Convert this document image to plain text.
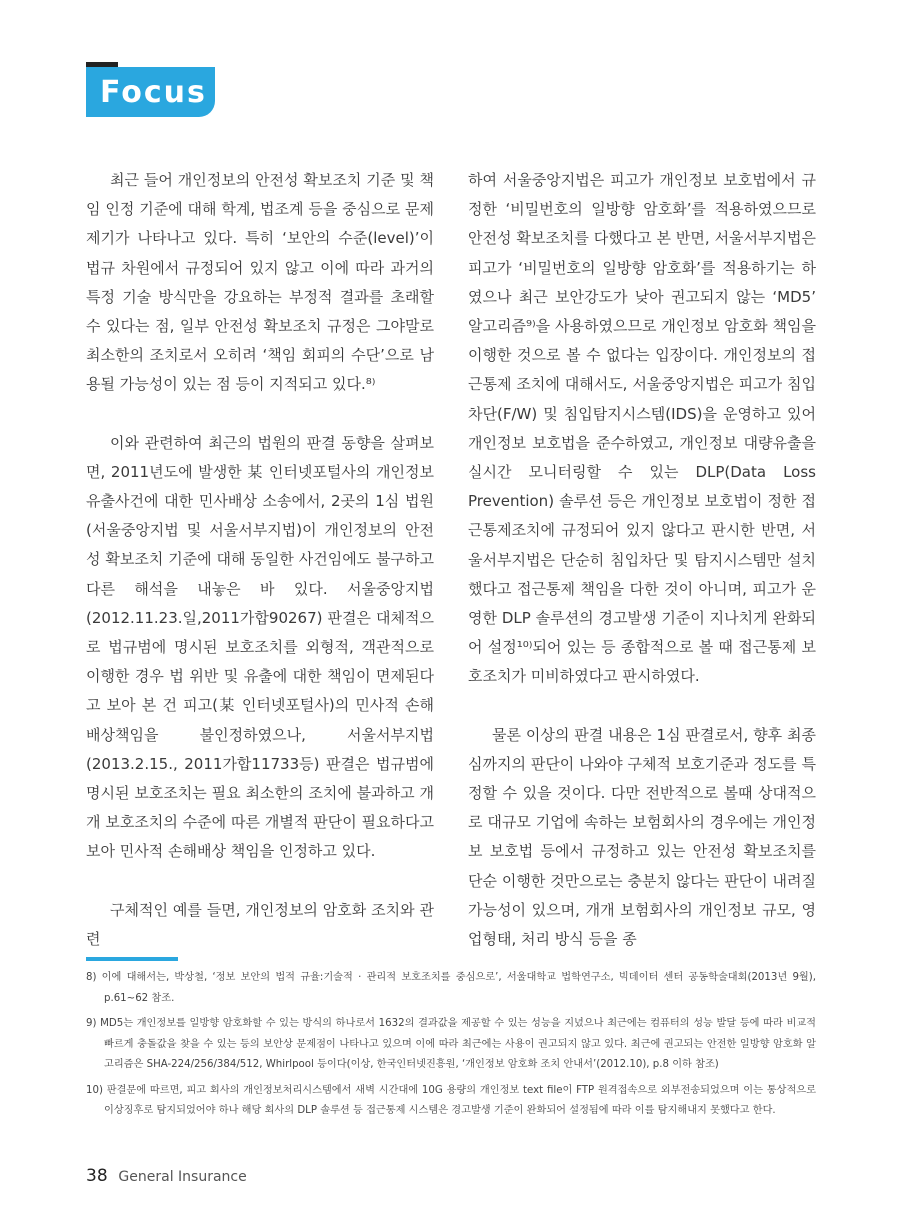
Focus

최근 들어 개인정보의 안전성 확보조치 기준 및 책임 인정 기준에 대해 학계, 법조계 등을 중심으로 문제 제기가 나타나고 있다. 특히 ‘보안의 수준(level)’이 법규 차원에서 규정되어 있지 않고 이에 따라 과거의 특정 기술 방식만을 강요하는 부정적 결과를 초래할 수 있다는 점, 일부 안전성 확보조치 규정은 그야말로 최소한의 조치로서 오히려 ‘책임 회피의 수단’으로 남용될 가능성이 있는 점 등이 지적되고 있다.⁸⁾

이와 관련하여 최근의 법원의 판결 동향을 살펴보면, 2011년도에 발생한 某 인터넷포털사의 개인정보 유출사건에 대한 민사배상 소송에서, 2곳의 1심 법원(서울중앙지법 및 서울서부지법)이 개인정보의 안전성 확보조치 기준에 대해 동일한 사건임에도 불구하고 다른 해석을 내놓은 바 있다. 서울중앙지법(2012.11.23.일,2011가합90267) 판결은 대체적으로 법규범에 명시된 보호조치를 외형적, 객관적으로 이행한 경우 법 위반 및 유출에 대한 책임이 면제된다고 보아 본 건 피고(某 인터넷포털사)의 민사적 손해배상책임을 불인정하였으나, 서울서부지법(2013.2.15., 2011가합11733등) 판결은 법규범에 명시된 보호조치는 필요 최소한의 조치에 불과하고 개개 보호조치의 수준에 따른 개별적 판단이 필요하다고 보아 민사적 손해배상 책임을 인정하고 있다.

구체적인 예를 들면, 개인정보의 암호화 조치와 관련

하여 서울중앙지법은 피고가 개인정보 보호법에서 규정한 ‘비밀번호의 일방향 암호화’를 적용하였으므로 안전성 확보조치를 다했다고 본 반면, 서울서부지법은 피고가 ‘비밀번호의 일방향 암호화’를 적용하기는 하였으나 최근 보안강도가 낮아 권고되지 않는 ‘MD5’ 알고리즘⁹⁾을 사용하였으므로 개인정보 암호화 책임을 이행한 것으로 볼 수 없다는 입장이다. 개인정보의 접근통제 조치에 대해서도, 서울중앙지법은 피고가 침입차단(F/W) 및 침입탐지시스템(IDS)을 운영하고 있어 개인정보 보호법을 준수하였고, 개인정보 대량유출을 실시간 모니터링할 수 있는 DLP(Data Loss Prevention) 솔루션 등은 개인정보 보호법이 정한 접근통제조치에 규정되어 있지 않다고 판시한 반면, 서울서부지법은 단순히 침입차단 및 탐지시스템만 설치했다고 접근통제 책임을 다한 것이 아니며, 피고가 운영한 DLP 솔루션의 경고발생 기준이 지나치게 완화되어 설정¹⁰⁾되어 있는 등 종합적으로 볼 때 접근통제 보호조치가 미비하였다고 판시하였다.

물론 이상의 판결 내용은 1심 판결로서, 향후 최종심까지의 판단이 나와야 구체적 보호기준과 정도를 특정할 수 있을 것이다. 다만 전반적으로 볼때 상대적으로 대규모 기업에 속하는 보험회사의 경우에는 개인정보 보호법 등에서 규정하고 있는 안전성 확보조치를 단순 이행한 것만으로는 충분치 않다는 판단이 내려질 가능성이 있으며, 개개 보험회사의 개인정보 규모, 영업형태, 처리 방식 등을 종

8) 이에 대해서는, 박상철, ‘정보 보안의 법적 규율:기술적 · 관리적 보호조치를 중심으로’, 서울대학교 법학연구소, 빅데이터 센터 공동학술대회(2013년 9월), p.61~62 참조.

9) MD5는 개인정보를 일방향 암호화할 수 있는 방식의 하나로서 1632의 결과값을 제공할 수 있는 성능을 지녔으나 최근에는 컴퓨터의 성능 발달 등에 따라 비교적 빠르게 충돌값을 찾을 수 있는 등의 보안상 문제점이 나타나고 있으며 이에 따라 최근에는 사용이 권고되지 않고 있다. 최근에 권고되는 안전한 일방향 암호화 알고리즘은 SHA-224/256/384/512, Whirlpool 등이다(이상, 한국인터넷진흥원, ‘개인정보 암호화 조치 안내서’(2012.10), p.8 이하 참조)

10) 판결문에 따르면, 피고 회사의 개인정보처리시스템에서 새벽 시간대에 10G 용량의 개인정보 text file이 FTP 원격접속으로 외부전송되었으며 이는 통상적으로 이상징후로 탐지되었어야 하나 해당 회사의 DLP 솔루션 등 접근통제 시스템은 경고발생 기준이 완화되어 설정됨에 따라 이를 탐지해내지 못했다고 한다.

38 General Insurance
